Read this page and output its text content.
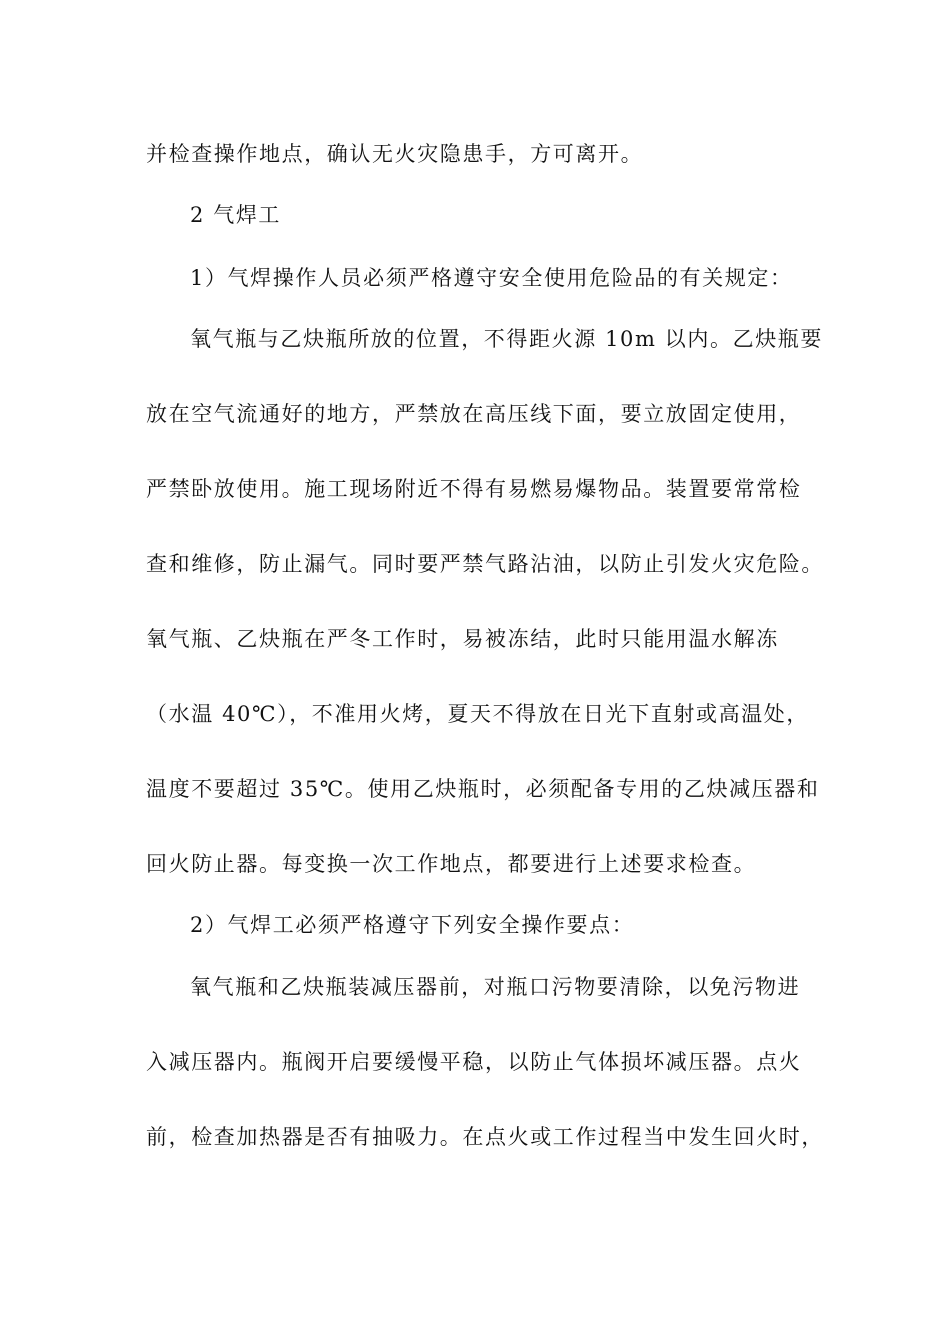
并检查操作地点，确认无火灾隐患手，方可离开。
2 气焊工
1）气焊操作人员必须严格遵守安全使用危险品的有关规定：
氧气瓶与乙炔瓶所放的位置，不得距火源 10m 以内。乙炔瓶要
放在空气流通好的地方，严禁放在高压线下面，要立放固定使用，
严禁卧放使用。施工现场附近不得有易燃易爆物品。装置要常常检
查和维修，防止漏气。同时要严禁气路沾油，以防止引发火灾危险。
氧气瓶、乙炔瓶在严冬工作时，易被冻结，此时只能用温水解冻
（水温 40℃），不准用火烤，夏天不得放在日光下直射或高温处，
温度不要超过 35℃。使用乙炔瓶时，必须配备专用的乙炔减压器和
回火防止器。每变换一次工作地点，都要进行上述要求检查。
2）气焊工必须严格遵守下列安全操作要点：
氧气瓶和乙炔瓶装减压器前，对瓶口污物要清除，以免污物进
入减压器内。瓶阀开启要缓慢平稳，以防止气体损坏减压器。点火
前，检查加热器是否有抽吸力。在点火或工作过程当中发生回火时，
